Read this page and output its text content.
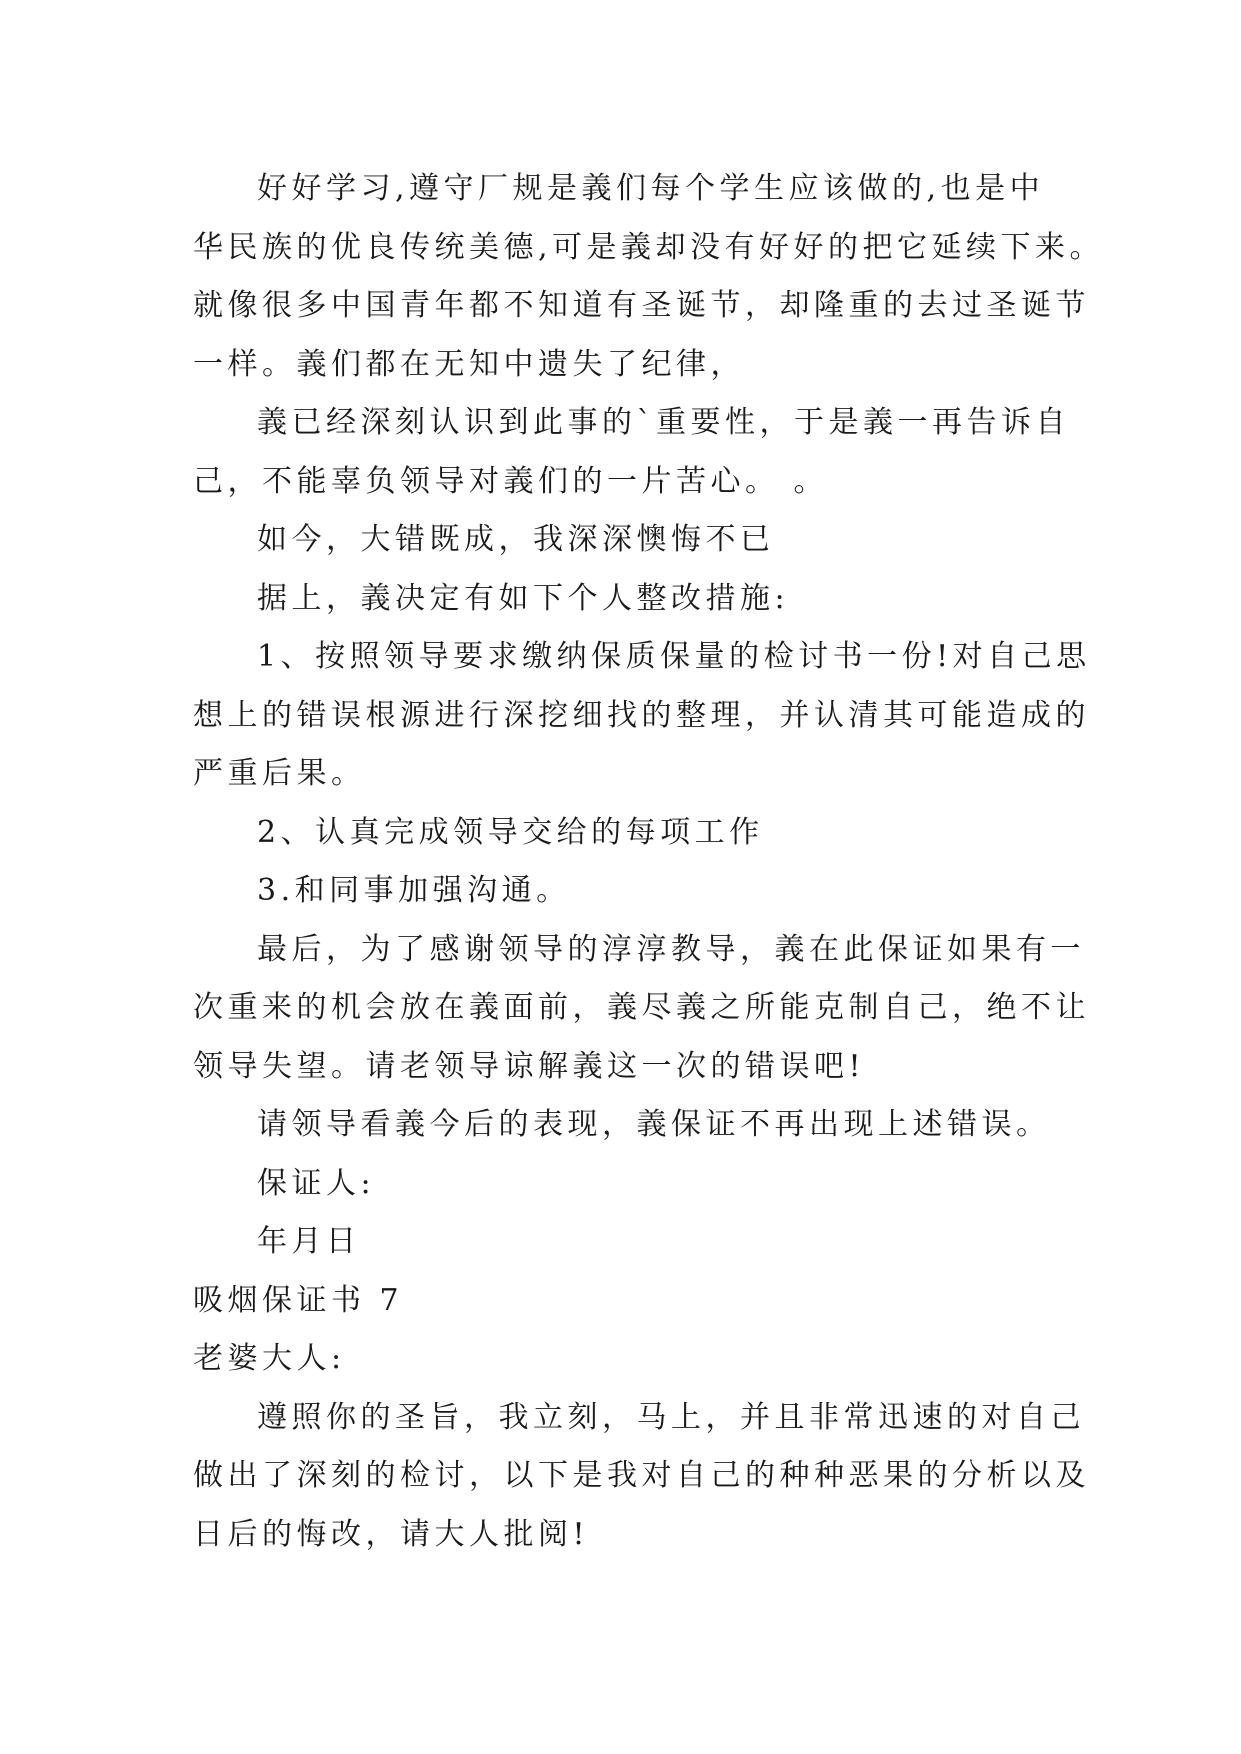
好好学习,遵守厂规是義们每个学生应该做的,也是中
华民族的优良传统美德,可是義却没有好好的把它延续下来。
就像很多中国青年都不知道有圣诞节，却隆重的去过圣诞节
一样。義们都在无知中遗失了纪律，
義已经深刻认识到此事的`重要性，于是義一再告诉自
己，不能辜负领导对義们的一片苦心。 。
如今，大错既成，我深深懊悔不已
据上，義决定有如下个人整改措施:
1、按照领导要求缴纳保质保量的检讨书一份!对自己思
想上的错误根源进行深挖细找的整理，并认清其可能造成的
严重后果。
2、认真完成领导交给的每项工作
3.和同事加强沟通。
最后，为了感谢领导的淳淳教导，義在此保证如果有一
次重来的机会放在義面前，義尽義之所能克制自己，绝不让
领导失望。请老领导谅解義这一次的错误吧!
请领导看義今后的表现，義保证不再出现上述错误。
保证人:
年月日
吸烟保证书 7
老婆大人:
遵照你的圣旨，我立刻，马上，并且非常迅速的对自己
做出了深刻的检讨，以下是我对自己的种种恶果的分析以及
日后的悔改，请大人批阅!
